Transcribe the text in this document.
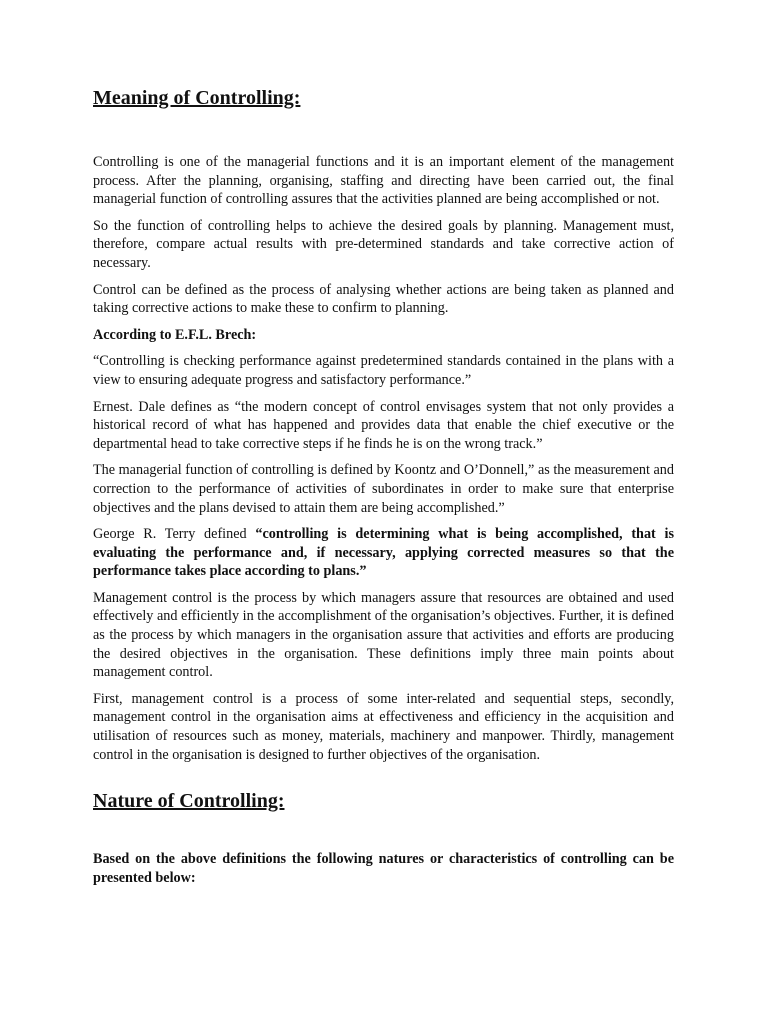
Meaning of Controlling:

Controlling is one of the managerial functions and it is an important element of the management process. After the planning, organising, staffing and directing have been carried out, the final managerial function of controlling assures that the activities planned are being accomplished or not.

So the function of controlling helps to achieve the desired goals by planning. Management must, therefore, compare actual results with pre-determined standards and take corrective action of necessary.

Control can be defined as the process of analysing whether actions are being taken as planned and taking corrective actions to make these to confirm to planning.

According to E.F.L. Brech:

“Controlling is checking performance against predetermined standards contained in the plans with a view to ensuring adequate progress and satisfactory performance.”

Ernest. Dale defines as “the modern concept of control envisages system that not only provides a historical record of what has happened and provides data that enable the chief executive or the departmental head to take corrective steps if he finds he is on the wrong track.”

The managerial function of controlling is defined by Koontz and O’Donnell,” as the measurement and correction to the performance of activities of subordinates in order to make sure that enterprise objectives and the plans devised to attain them are being accomplished.”

George R. Terry defined “controlling is determining what is being accomplished, that is evaluating the performance and, if necessary, applying corrected measures so that the performance takes place according to plans.”

Management control is the process by which managers assure that resources are obtained and used effectively and efficiently in the accomplishment of the organisation’s objectives. Further, it is defined as the process by which managers in the organisation assure that activities and efforts are producing the desired objectives in the organisation. These definitions imply three main points about management control.

First, management control is a process of some inter-related and sequential steps, secondly, management control in the organisation aims at effectiveness and efficiency in the acquisition and utilisation of resources such as money, materials, machinery and manpower. Thirdly, management control in the organisation is designed to further objectives of the organisation.

Nature of Controlling:

Based on the above definitions the following natures or characteristics of controlling can be presented below:
